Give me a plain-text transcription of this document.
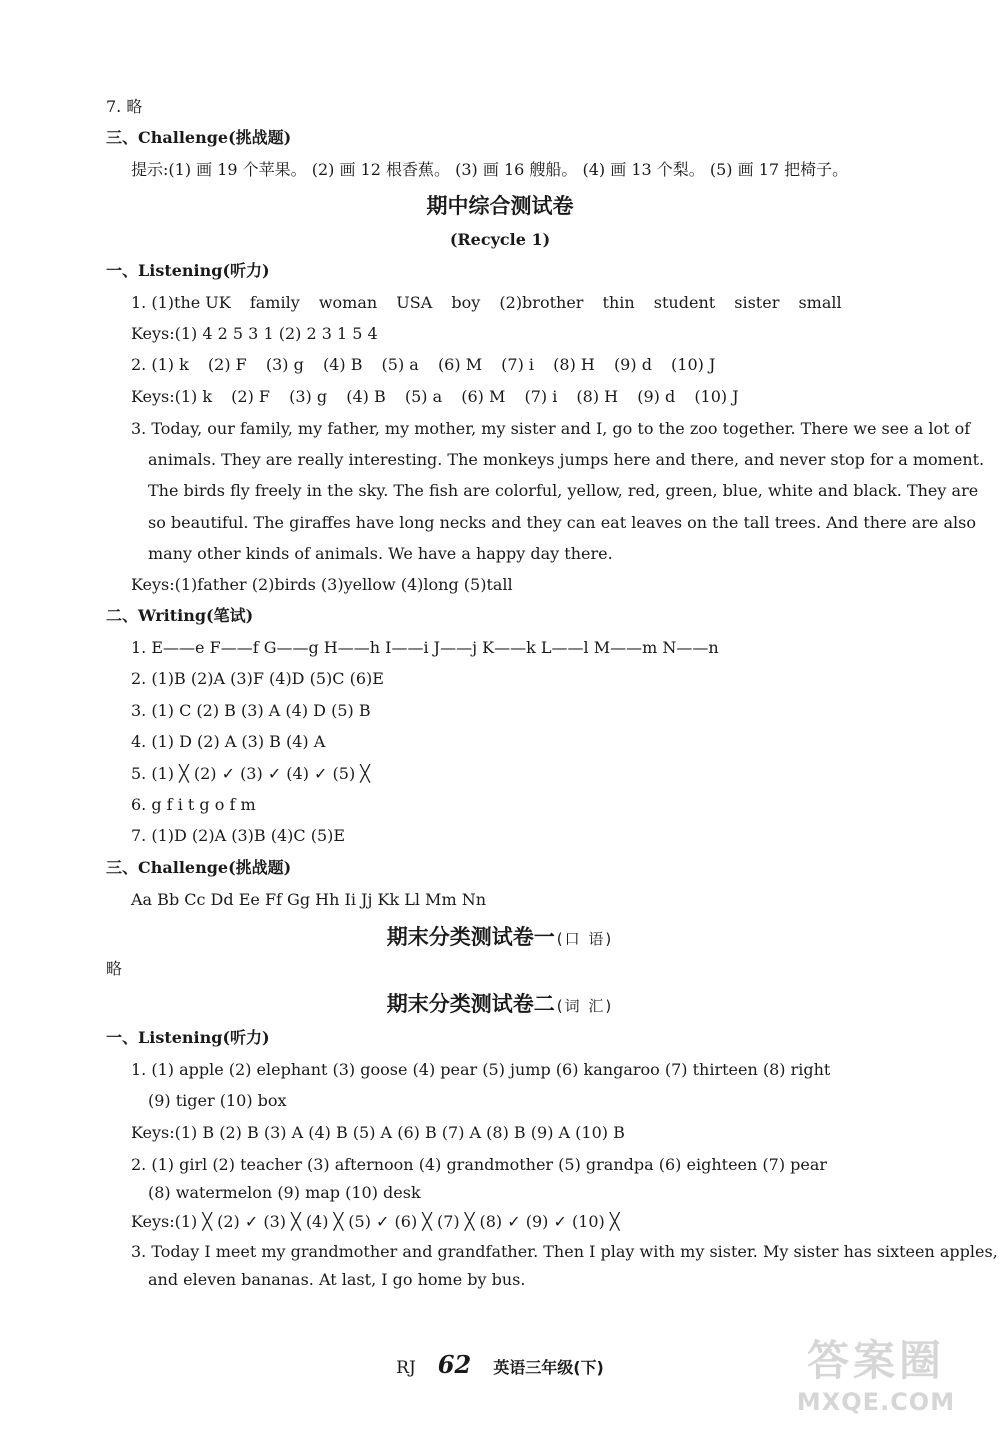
7. 略
三、Challenge(挑战题)
提示:(1) 画 19 个苹果。 (2) 画 12 根香蕉。 (3) 画 16 艘船。 (4) 画 13 个梨。 (5) 画 17 把椅子。
期中综合测试卷
(Recycle 1)
一、Listening(听力)
1. (1)the UK family woman USA boy (2)brother thin student sister small
Keys:(1) 4 2 5 3 1 (2) 2 3 1 5 4
2. (1) k (2) F (3) g (4) B (5) a (6) M (7) i (8) H (9) d (10) J
Keys:(1) k (2) F (3) g (4) B (5) a (6) M (7) i (8) H (9) d (10) J
3. Today, our family, my father, my mother, my sister and I, go to the zoo together. There we see a lot of
animals. They are really interesting. The monkeys jumps here and there, and never stop for a moment.
The birds fly freely in the sky. The fish are colorful, yellow, red, green, blue, white and black. They are
so beautiful. The giraffes have long necks and they can eat leaves on the tall trees. And there are also
many other kinds of animals. We have a happy day there.
Keys:(1)father (2)birds (3)yellow (4)long (5)tall
二、Writing(笔试)
1. E——e F——f G——g H——h I——i J——j K——k L——l M——m N——n
2. (1)B (2)A (3)F (4)D (5)C (6)E
3. (1) C (2) B (3) A (4) D (5) B
4. (1) D (2) A (3) B (4) A
5. (1) ╳ (2) ✓ (3) ✓ (4) ✓ (5) ╳
6. g f i t g o f m
7. (1)D (2)A (3)B (4)C (5)E
三、Challenge(挑战题)
Aa Bb Cc Dd Ee Ff Gg Hh Ii Jj Kk Ll Mm Nn
期末分类测试卷一 (口 语)
略
期末分类测试卷二 (词 汇)
一、Listening(听力)
1. (1) apple (2) elephant (3) goose (4) pear (5) jump (6) kangaroo (7) thirteen (8) right
(9) tiger (10) box
Keys:(1) B (2) B (3) A (4) B (5) A (6) B (7) A (8) B (9) A (10) B
2. (1) girl (2) teacher (3) afternoon (4) grandmother (5) grandpa (6) eighteen (7) pear
(8) watermelon (9) map (10) desk
Keys:(1) ╳ (2) ✓ (3) ╳ (4) ╳ (5) ✓ (6) ╳ (7) ╳ (8) ✓ (9) ✓ (10) ╳
3. Today I meet my grandmother and grandfather. Then I play with my sister. My sister has sixteen apples,
and eleven bananas. At last, I go home by bus.
RJ 62 英语三年级(下)	答案圈
MXQE.COM
